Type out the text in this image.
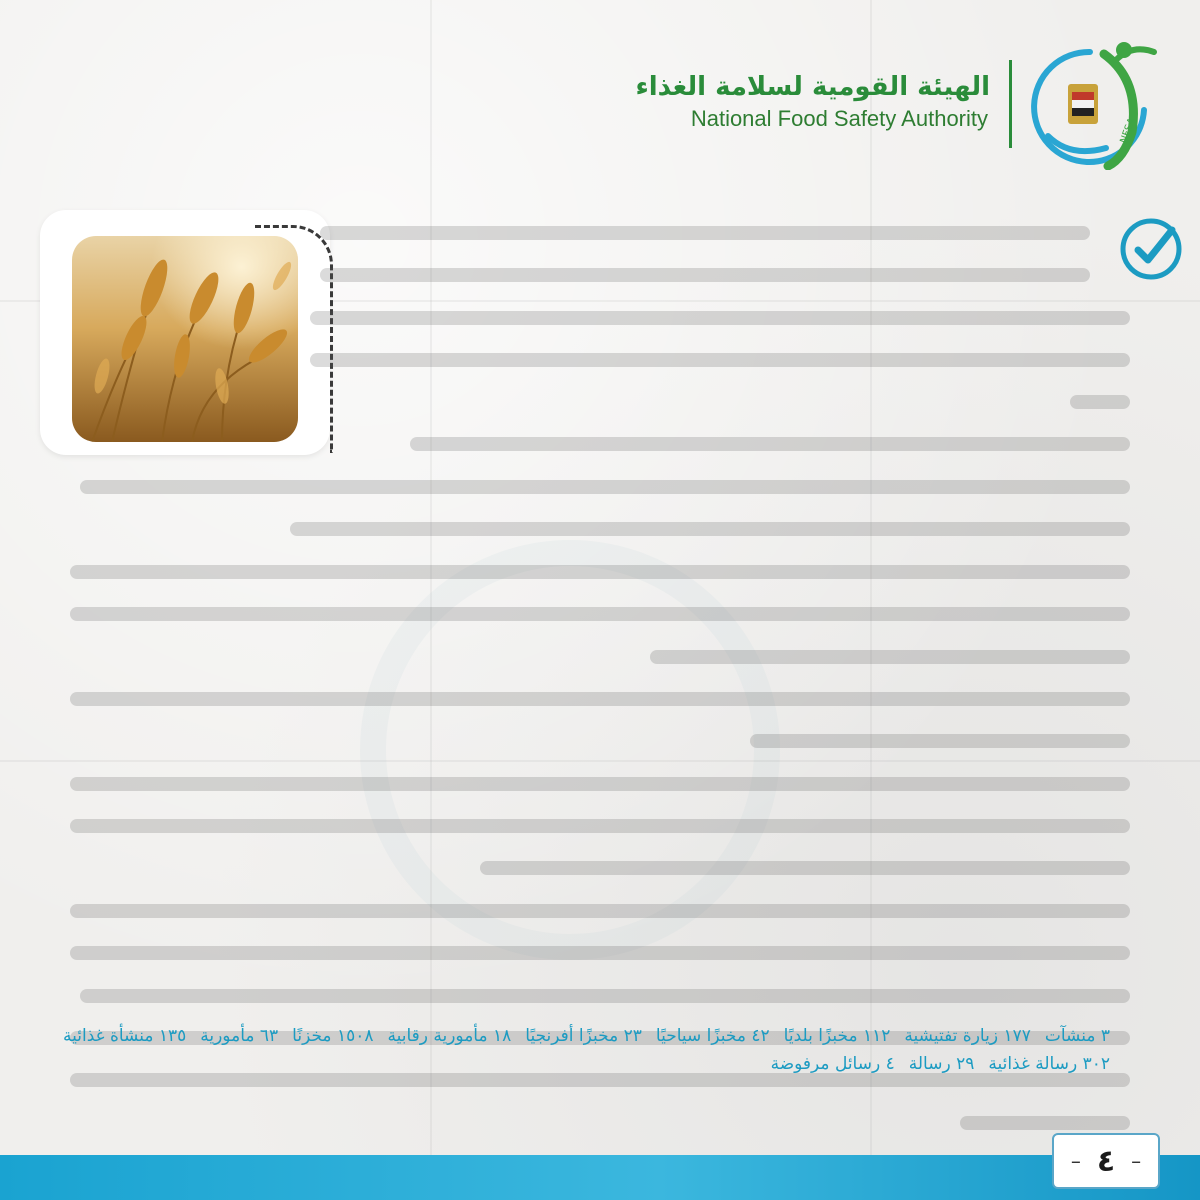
الهيئة القومية لسلامة الغذاء
National Food Safety Authority	NFSA
٣ منشآت
١٧٧ زيارة تفتيشية
١١٢ مخبزًا بلديًا
٤٢ مخبزًا سياحيًا
٢٣ مخبزًا أفرنجيًا
١٨ مأمورية رقابية
١٥٠٨ مخزنًا
٦٣ مأمورية
١٣٥ منشأة غذائية
٣٠٢ رسالة غذائية
٢٩ رسالة
٤ رسائل مرفوضة
– ٤ –
